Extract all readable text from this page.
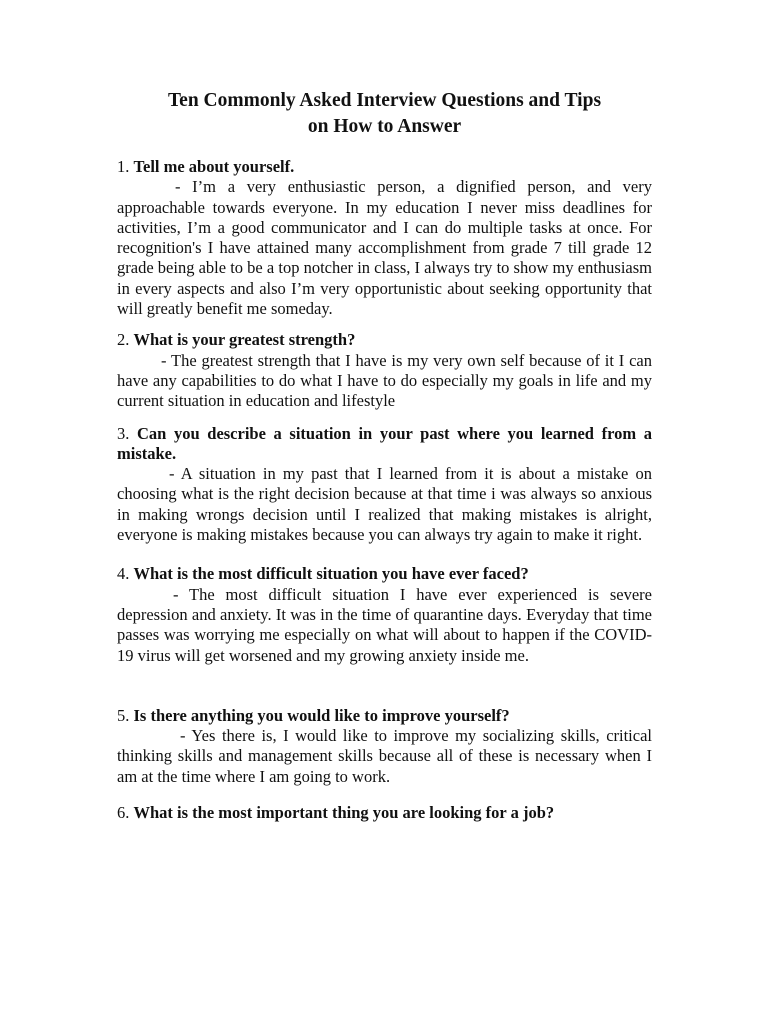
Ten Commonly Asked Interview Questions and Tips
on How to Answer
1. Tell me about yourself.
- I’m a very enthusiastic person, a dignified person, and very approachable towards everyone. In my education I never miss deadlines for activities, I’m a good communicator and I can do multiple tasks at once. For recognition's I have attained many accomplishment from grade 7 till grade 12 grade being able to be a top notcher in class, I always try to show my enthusiasm in every aspects and also I’m very opportunistic about seeking opportunity that will greatly benefit me someday.
2. What is your greatest strength?
- The greatest strength that I have is my very own self because of it I can have any capabilities to do what I have to do especially my goals in life and my current situation in education and lifestyle
3. Can you describe a situation in your past where you learned from a mistake.
- A situation in my past that I learned from it is about a mistake on choosing what is the right decision because at that time i was always so anxious in making wrongs decision until I realized that making mistakes is alright, everyone is making mistakes because you can always try again to make it right.
4. What is the most difficult situation you have ever faced?
- The most difficult situation I have ever experienced is severe depression and anxiety. It was in the time of quarantine days. Everyday that time passes was worrying me especially on what will about to happen if the COVID-19 virus will get worsened and my growing anxiety inside me.
5. Is there anything you would like to improve yourself?
- Yes there is, I would like to improve my socializing skills, critical thinking skills and management skills because all of these is necessary when I am at the time where I am going to work.
6. What is the most important thing you are looking for a job?
